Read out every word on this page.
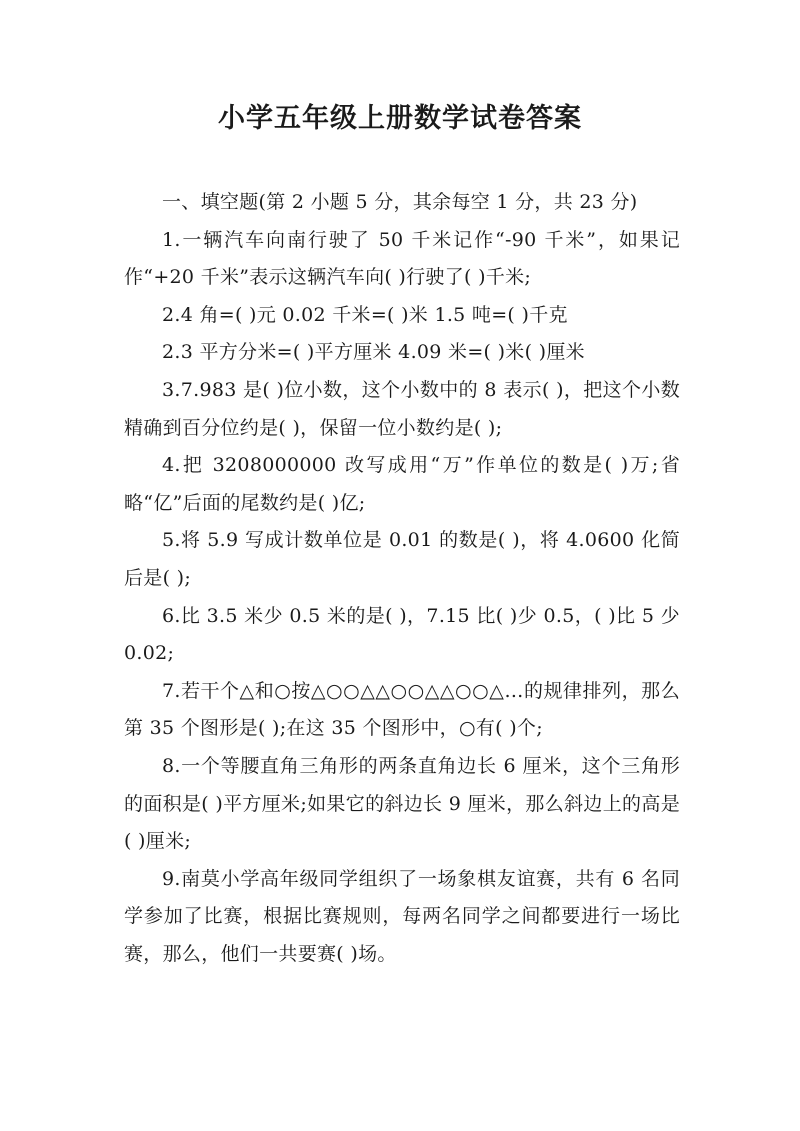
小学五年级上册数学试卷答案

一、填空题(第 2 小题 5 分，其余每空 1 分，共 23 分)

1.一辆汽车向南行驶了 50 千米记作“-90 千米”，如果记作“+20 千米”表示这辆汽车向( )行驶了( )千米;

2.4 角=( )元 0.02 千米=( )米 1.5 吨=( )千克

2.3 平方分米=( )平方厘米 4.09 米=( )米( )厘米

3.7.983 是( )位小数，这个小数中的 8 表示( )，把这个小数精确到百分位约是( )，保留一位小数约是( );

4.把 3208000000 改写成用“万”作单位的数是( )万;省略“亿”后面的尾数约是( )亿;

5.将 5.9 写成计数单位是 0.01 的数是( )，将 4.0600 化简后是( );

6.比 3.5 米少 0.5 米的是( )，7.15 比( )少 0.5，( )比 5 少 0.02;

7.若干个△和○按△○○△△○○△△○○△…的规律排列，那么第 35 个图形是( );在这 35 个图形中，○有( )个;

8.一个等腰直角三角形的两条直角边长 6 厘米，这个三角形的面积是( )平方厘米;如果它的斜边长 9 厘米，那么斜边上的高是( )厘米;

9.南莫小学高年级同学组织了一场象棋友谊赛，共有 6 名同学参加了比赛，根据比赛规则，每两名同学之间都要进行一场比赛，那么，他们一共要赛( )场。
